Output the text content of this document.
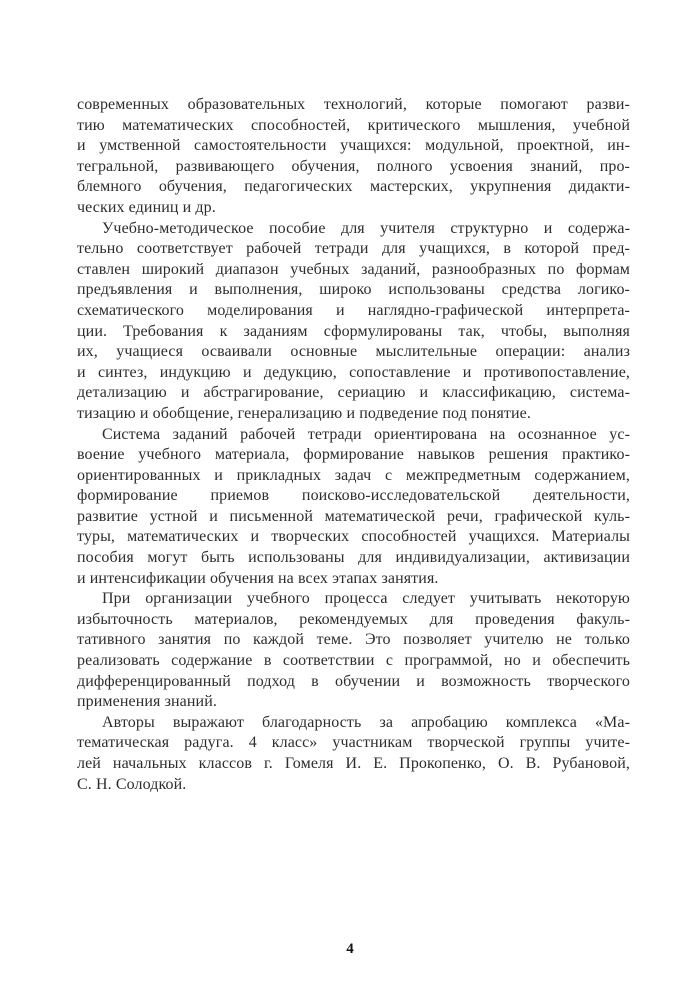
современных образовательных технологий, которые помогают разви-
тию математических способностей, критического мышления, учебной
и умственной самостоятельности учащихся: модульной, проектной, ин-
тегральной, развивающего обучения, полного усвоения знаний, про-
блемного обучения, педагогических мастерских, укрупнения дидакти-
ческих единиц и др.
Учебно-методическое пособие для учителя структурно и содержа-
тельно соответствует рабочей тетради для учащихся, в которой пред-
ставлен широкий диапазон учебных заданий, разнообразных по формам
предъявления и выполнения, широко использованы средства логико-
схематического моделирования и наглядно-графической интерпрета-
ции. Требования к заданиям сформулированы так, чтобы, выполняя
их, учащиеся осваивали основные мыслительные операции: анализ
и синтез, индукцию и дедукцию, сопоставление и противопоставление,
детализацию и абстрагирование, сериацию и классификацию, система-
тизацию и обобщение, генерализацию и подведение под понятие.
Система заданий рабочей тетради ориентирована на осознанное ус-
воение учебного материала, формирование навыков решения практико-
ориентированных и прикладных задач с межпредметным содержанием,
формирование приемов поисково-исследовательской деятельности,
развитие устной и письменной математической речи, графической куль-
туры, математических и творческих способностей учащихся. Материалы
пособия могут быть использованы для индивидуализации, активизации
и интенсификации обучения на всех этапах занятия.
При организации учебного процесса следует учитывать некоторую
избыточность материалов, рекомендуемых для проведения факуль-
тативного занятия по каждой теме. Это позволяет учителю не только
реализовать содержание в соответствии с программой, но и обеспечить
дифференцированный подход в обучении и возможность творческого
применения знаний.
Авторы выражают благодарность за апробацию комплекса «Ма-
тематическая радуга. 4 класс» участникам творческой группы учите-
лей начальных классов г. Гомеля И. Е. Прокопенко, О. В. Рубановой,
С. Н. Солодкой.
4
